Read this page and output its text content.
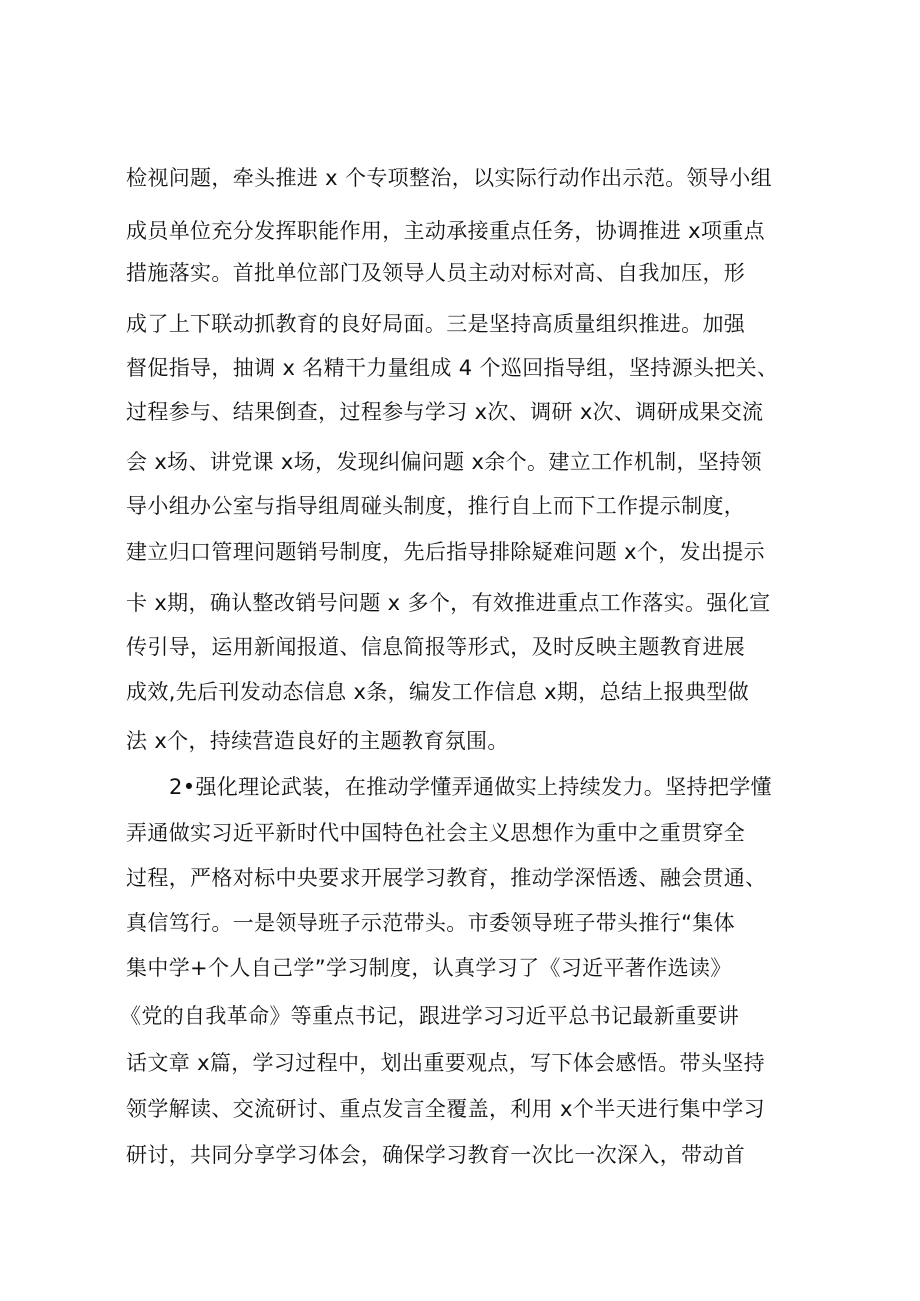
检视问题，牵头推进 x 个专项整治，以实际行动作出示范。领导小组
成员单位充分发挥职能作用，主动承接重点任务，协调推进 x项重点
措施落实。首批单位部门及领导人员主动对标对高、自我加压，形
成了上下联动抓教育的良好局面。三是坚持高质量组织推进。加强
督促指导，抽调 x 名精干力量组成 4 个巡回指导组，坚持源头把关、
过程参与、结果倒查，过程参与学习 x次、调研 x次、调研成果交流
会 x场、讲党课 x场，发现纠偏问题 x余个。建立工作机制，坚持领
导小组办公室与指导组周碰头制度，推行自上而下工作提示制度，
建立归口管理问题销号制度，先后指导排除疑难问题 x个，发出提示
卡 x期，确认整改销号问题 x 多个，有效推进重点工作落实。强化宣
传引导，运用新闻报道、信息简报等形式，及时反映主题教育进展
成效,先后刊发动态信息 x条，编发工作信息 x期，总结上报典型做
法 x个，持续营造良好的主题教育氛围。
2•强化理论武装，在推动学懂弄通做实上持续发力。坚持把学懂
弄通做实习近平新时代中国特色社会主义思想作为重中之重贯穿全
过程，严格对标中央要求开展学习教育，推动学深悟透、融会贯通、
真信笃行。一是领导班子示范带头。市委领导班子带头推行“集体
集中学+个人自己学”学习制度，认真学习了《习近平著作选读》
《党的自我革命》等重点书记，跟进学习习近平总书记最新重要讲
话文章 x篇，学习过程中，划出重要观点，写下体会感悟。带头坚持
领学解读、交流研讨、重点发言全覆盖，利用 x个半天进行集中学习
研讨，共同分享学习体会，确保学习教育一次比一次深入，带动首
